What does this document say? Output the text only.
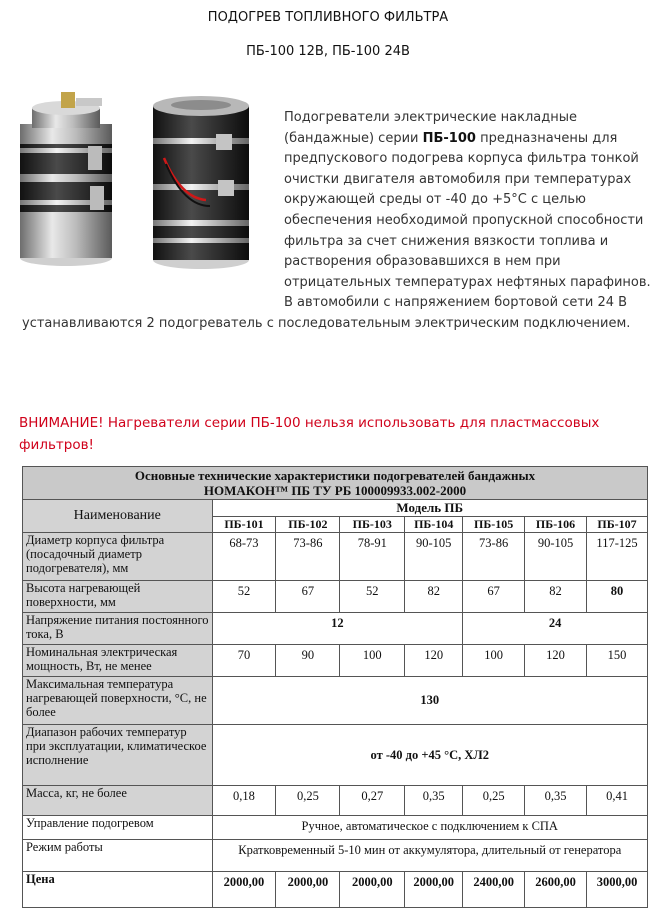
ПОДОГРЕВ ТОПЛИВНОГО ФИЛЬТРА
ПБ-100 12В, ПБ-100 24В
Подогреватели электрические накладные (бандажные) серии ПБ-100 предназначены для предпускового подогрева корпуса фильтра тонкой очистки двигателя автомобиля при температурах окружающей среды от -40 до +5°С с целью обеспечения необходимой пропускной способности фильтра за счет снижения вязкости топлива и растворения образовавшихся в нем при отрицательных температурах нефтяных парафинов. В автомобили с напряжением бортовой сети 24 В устанавливаются 2 подогреватель с последовательным электрическим подключением.
ВНИМАНИЕ! Нагреватели серии ПБ-100 нельзя использовать для пластмассовых фильтров!
Основные технические характеристики подогревателей бандажных
НОМАКОН™ ПБ ТУ РБ 100009933.002-2000							

Наименование	Модель ПБ						
	ПБ-101	ПБ-102	ПБ-103	ПБ-104	ПБ-105	ПБ-106	ПБ-107
Диаметр корпуса фильтра (посадочный диаметр подогревателя), мм	68-73	73-86	78-91	90-105	73-86	90-105	117-125
Высота нагревающей поверхности, мм	52	67	52	82	67	82	80
Напряжение питания постоянного тока, В	12				24		
Номинальная электрическая мощность, Вт, не менее	70	90	100	120	100	120	150
Максимальная температура нагревающей поверхности, °С, не более	130						
Диапазон рабочих температур при эксплуатации, климатическое исполнение	от -40 до +45 °С, ХЛ2						
Масса, кг, не более	0,18	0,25	0,27	0,35	0,25	0,35	0,41
Управление подогревом	Ручное, автоматическое с подключением к СПА						
Режим работы	Кратковременный 5-10 мин от аккумулятора, длительный от генератора						
Цена	2000,00	2000,00	2000,00	2000,00	2400,00	2600,00	3000,00
